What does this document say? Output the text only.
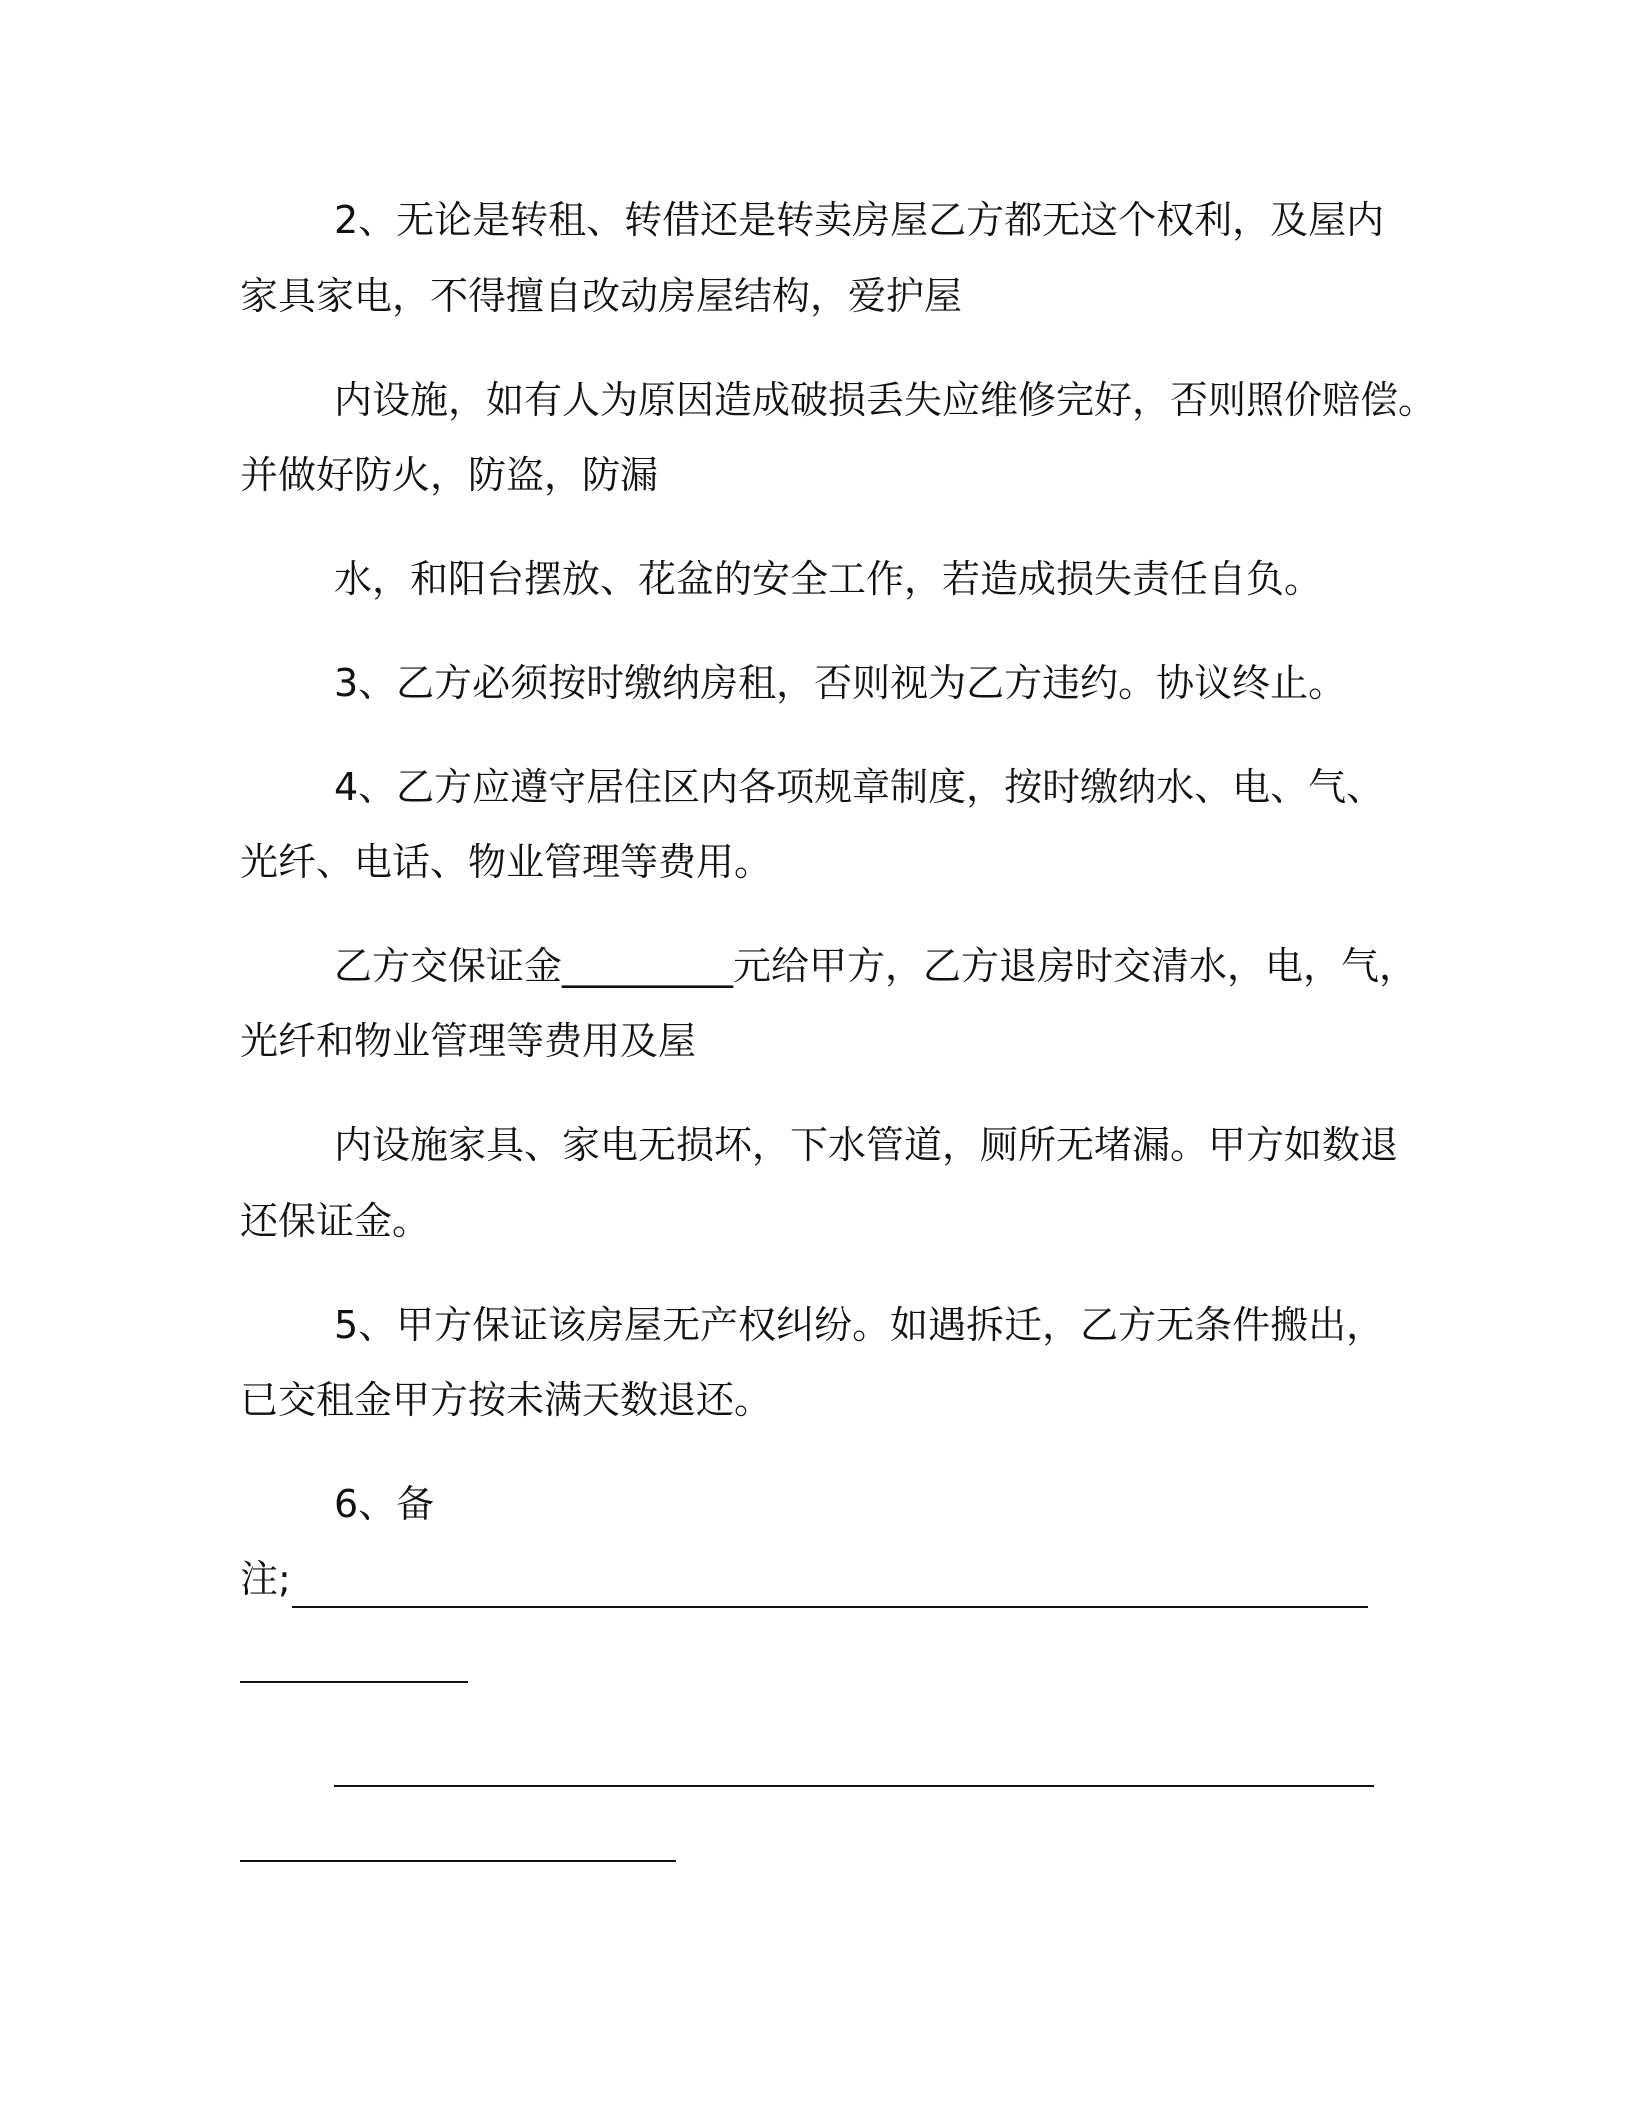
2、无论是转租、转借还是转卖房屋乙方都无这个权利，及屋内
家具家电，不得擅自改动房屋结构，爱护屋
内设施，如有人为原因造成破损丢失应维修完好，否则照价赔偿。
并做好防火，防盗，防漏
水，和阳台摆放、花盆的安全工作，若造成损失责任自负。
3、乙方必须按时缴纳房租，否则视为乙方违约。协议终止。
4、乙方应遵守居住区内各项规章制度，按时缴纳水、电、气、
光纤、电话、物业管理等费用。
乙方交保证金_________元给甲方，乙方退房时交清水，电，气，
光纤和物业管理等费用及屋
内设施家具、家电无损坏，下水管道，厕所无堵漏。甲方如数退
还保证金。
5、甲方保证该房屋无产权纠纷。如遇拆迁，乙方无条件搬出，
已交租金甲方按未满天数退还。
6、备
注;
